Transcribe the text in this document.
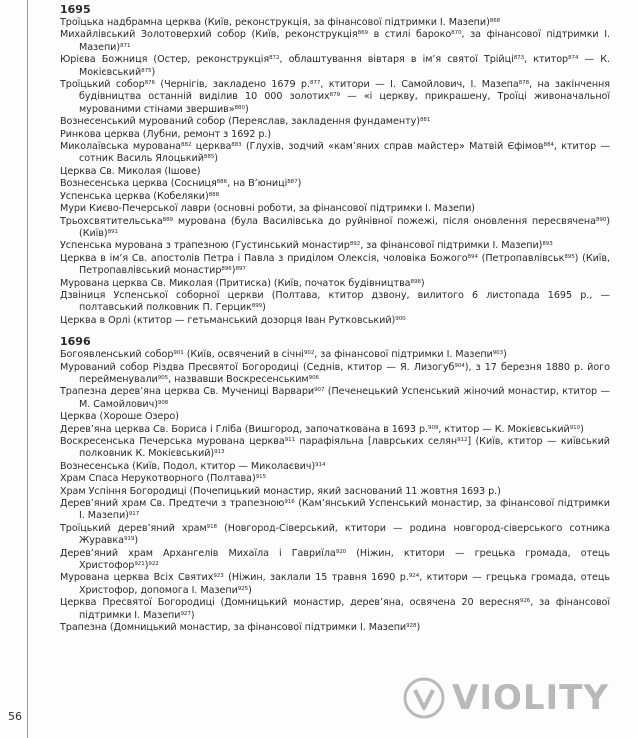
1695

Троїцька надбрамна церква (Київ, реконструкція, за фінансової підтримки І. Мазепи)$^{868}$

Михайлівський Золотоверхий собор (Київ, реконструкція$^{869}$ в стилі бароко$^{870}$, за фінансової підтримки І. Мазепи)$^{871}$

Юрієва Божниця (Остер, реконструкція$^{872}$, облаштування вівтаря в ім’я святої Трійці$^{873}$, ктитор$^{874}$ — К. Мокієвський$^{875}$)

Троїцький собор$^{876}$ (Чернігів, закладено 1679 р.$^{877}$, ктитори — І. Самойлович, І. Мазепа$^{878}$, на закінчення будівництва останній виділив 10 000 золотих$^{879}$ — «і церкву, прикрашену, Троїці живоначальної мурованими стінами звершив»$^{880}$)

Вознесенський мурований собор (Переяслав, закладення фундаменту)$^{881}$

Ринкова церква (Лубни, ремонт з 1692 р.)

Миколаївська мурована$^{882}$ церква$^{883}$ (Глухів, зодчий «кам’яних справ майстер» Матвій Єфімов$^{884}$, ктитор — сотник Василь Ялоцький$^{885}$)

Церква Св. Миколая (Ішове)

Вознесенська церква (Сосниця$^{886}$, на В’юниці$^{887}$)

Успенська церква (Кобеляки)$^{888}$

Мури Києво-Печерської лаври (основні роботи, за фінансової підтримки І. Мазепи)

Трьохсвятительська$^{889}$ мурована (була Василівська до руйнівної пожежі, після оновлення пересвячена$^{890}$) (Київ)$^{891}$

Успенська мурована з трапезною (Густинський монастир$^{892}$, за фінансової підтримки І. Мазепи)$^{893}$

Церква в ім’я Св. апостолів Петра і Павла з приділом Олексія, чоловіка Божого$^{894}$ (Петропавлівськ$^{895}$) (Київ, Петропавлівський монастир$^{896}$)$^{897}$

Мурована церква Св. Миколая (Притиска) (Київ, початок будівництва$^{898}$)

Дзвіниця Успенської соборної церкви (Полтава, ктитор дзвону, вилитого 6 листопада 1695 р., — полтавський полковник П. Герцик$^{899}$)

Церква в Орлі (ктитор — гетьманський дозорця Іван Рутковський)$^{900}$

1696

Богоявленський собор$^{901}$ (Київ, освячений в січні$^{902}$, за фінансової підтримки І. Мазепи$^{903}$)

Мурований собор Різдва Пресвятої Богородиці (Седнів, ктитор — Я. Лизогуб$^{904}$), з 17 березня 1880 р. його перейменували$^{905}$, назвавши Воскресенським$^{906}$

Трапезна дерев’яна церква Св. Мучениці Варвари$^{907}$ (Печенецький Успенський жіночий монастир, ктитор — М. Самойлович)$^{908}$

Церква (Хороше Озеро)

Дерев’яна церква Св. Бориса і Гліба (Вишгород, започаткована в 1693 р.$^{909}$, ктитор — К. Мокієвський$^{910}$)

Воскресенська Печерська мурована церква$^{911}$ парафіяльна [лаврських селян$^{912}$] (Київ, ктитор — київський полковник К. Мокієвський)$^{913}$

Вознесенська (Київ, Подол, ктитор — Миколаєвич)$^{914}$

Храм Спаса Нерукотворного (Полтава)$^{915}$

Храм Успіння Богородиці (Почепицький монастир, який заснований 11 жовтня 1693 р.)

Дерев’яний храм Св. Предтечи з трапезною$^{916}$ (Кам’янський Успенський монастир, за фінансової підтримки І. Мазепи)$^{917}$

Троїцький дерев’яний храм$^{918}$ (Новгород-Сіверський, ктитори — родина новгород-сіверського сотника Журавка$^{919}$)

Дерев’яний храм Архангелів Михаїла і Гавриїла$^{920}$ (Ніжин, ктитори — грецька громада, отець Христофор$^{921}$)$^{922}$

Мурована церква Всіх Святих$^{923}$ (Ніжин, заклали 15 травня 1690 р.$^{924}$, ктитори — грецька громада, отець Христофор, допомога І. Мазепи$^{925}$)

Церква Пресвятої Богородиці (Домницький монастир, дерев’яна, освячена 20 вересня$^{926}$, за фінансової підтримки І. Мазепи$^{927}$)

Трапезна (Домницький монастир, за фінансової підтримки І. Мазепи$^{928}$)

56	VIOLITY
